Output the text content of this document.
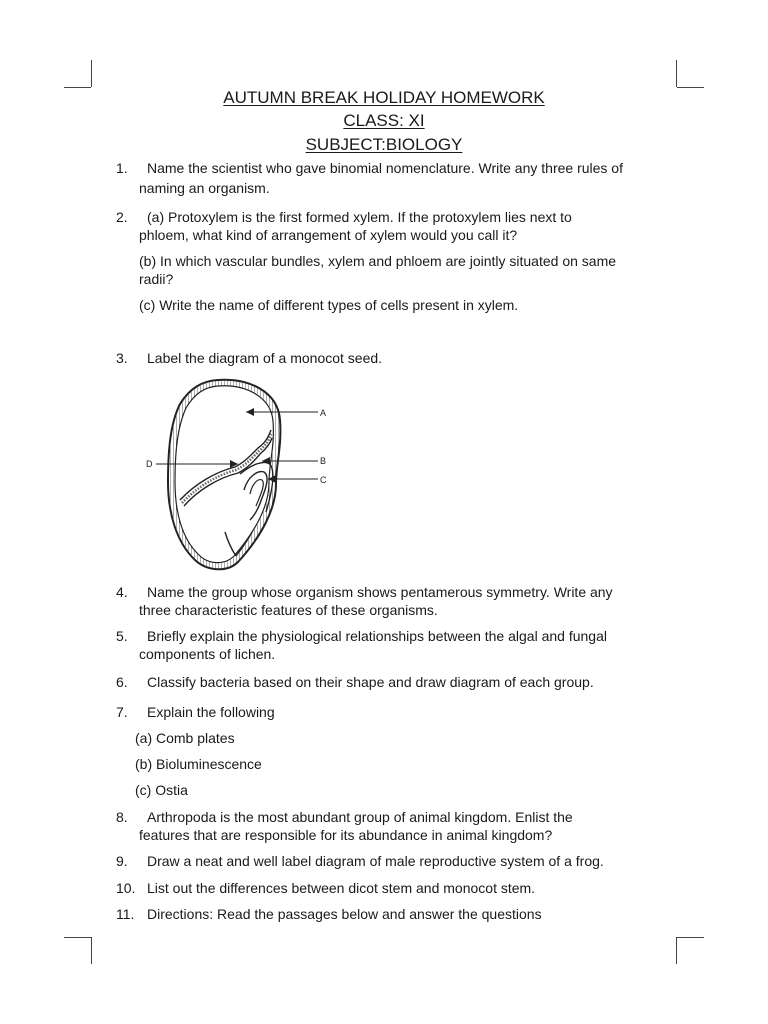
AUTUMN BREAK HOLIDAY HOMEWORK
CLASS: XI
SUBJECT:BIOLOGY
1. Name the scientist who gave binomial nomenclature. Write any three rules of
naming an organism.
2. (a) Protoxylem is the first formed xylem. If the protoxylem lies next to
phloem, what kind of arrangement of xylem would you call it?
(b) In which vascular bundles, xylem and phloem are jointly situated on same
radii?
(c) Write the name of different types of cells present in xylem.
3. Label the diagram of a monocot seed.
A
B
C
D
4. Name the group whose organism shows pentamerous symmetry. Write any
three characteristic features of these organisms.
5. Briefly explain the physiological relationships between the algal and fungal
components of lichen.
6. Classify bacteria based on their shape and draw diagram of each group.
7. Explain the following
(a) Comb plates
(b) Bioluminescence
(c) Ostia
8. Arthropoda is the most abundant group of animal kingdom. Enlist the
features that are responsible for its abundance in animal kingdom?
9. Draw a neat and well label diagram of male reproductive system of a frog.
10. List out the differences between dicot stem and monocot stem.
11. Directions: Read the passages below and answer the questions
